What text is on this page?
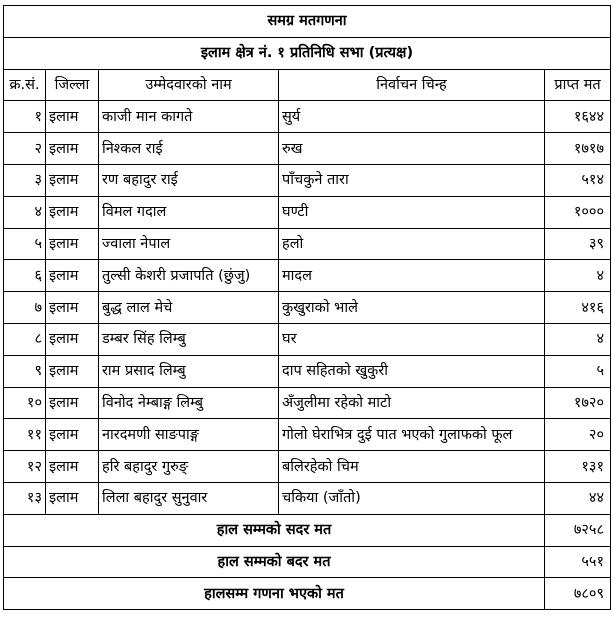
समग्र मतगणना				
इलाम क्षेत्र नं. १ प्रतिनिधि सभा (प्रत्यक्ष)				
क्र.सं.	जिल्ला	उम्मेदवारको नाम	निर्वाचन चिन्ह	प्राप्त मत
१	इलाम	काजी मान कागते	सुर्य	१६४४
२	इलाम	निश्कल राई	रुख	१७१७
३	इलाम	रण बहादुर राई	पाँचकुने तारा	५१४
४	इलाम	विमल गदाल	घण्टी	१०००
५	इलाम	ज्वाला नेपाल	हलो	३९
६	इलाम	तुल्सी केशरी प्रजापति (छुंजु)	मादल	४
७	इलाम	बुद्ध लाल मेचे	कुखुराको भाले	४१६
८	इलाम	डम्बर सिंह लिम्बु	घर	४
९	इलाम	राम प्रसाद लिम्बु	दाप सहितको खुकुरी	५
१०	इलाम	विनोद नेम्बाङ्ग लिम्बु	अँजुलीमा रहेको माटो	१७२०
११	इलाम	नारदमणी साङपाङ्ग	गोलो घेराभित्र दुई पात भएको गुलाफको फूल	२०
१२	इलाम	हरि बहादुर गुरुङ्	बलिरहेको चिम	१३१
१३	इलाम	लिला बहादुर सुनुवार	चकिया (जाँतो)	४४
हाल सम्मको सदर मत				७२५८
हाल सम्मको बदर मत				५५१
हालसम्म गणना भएको मत				७८०९
